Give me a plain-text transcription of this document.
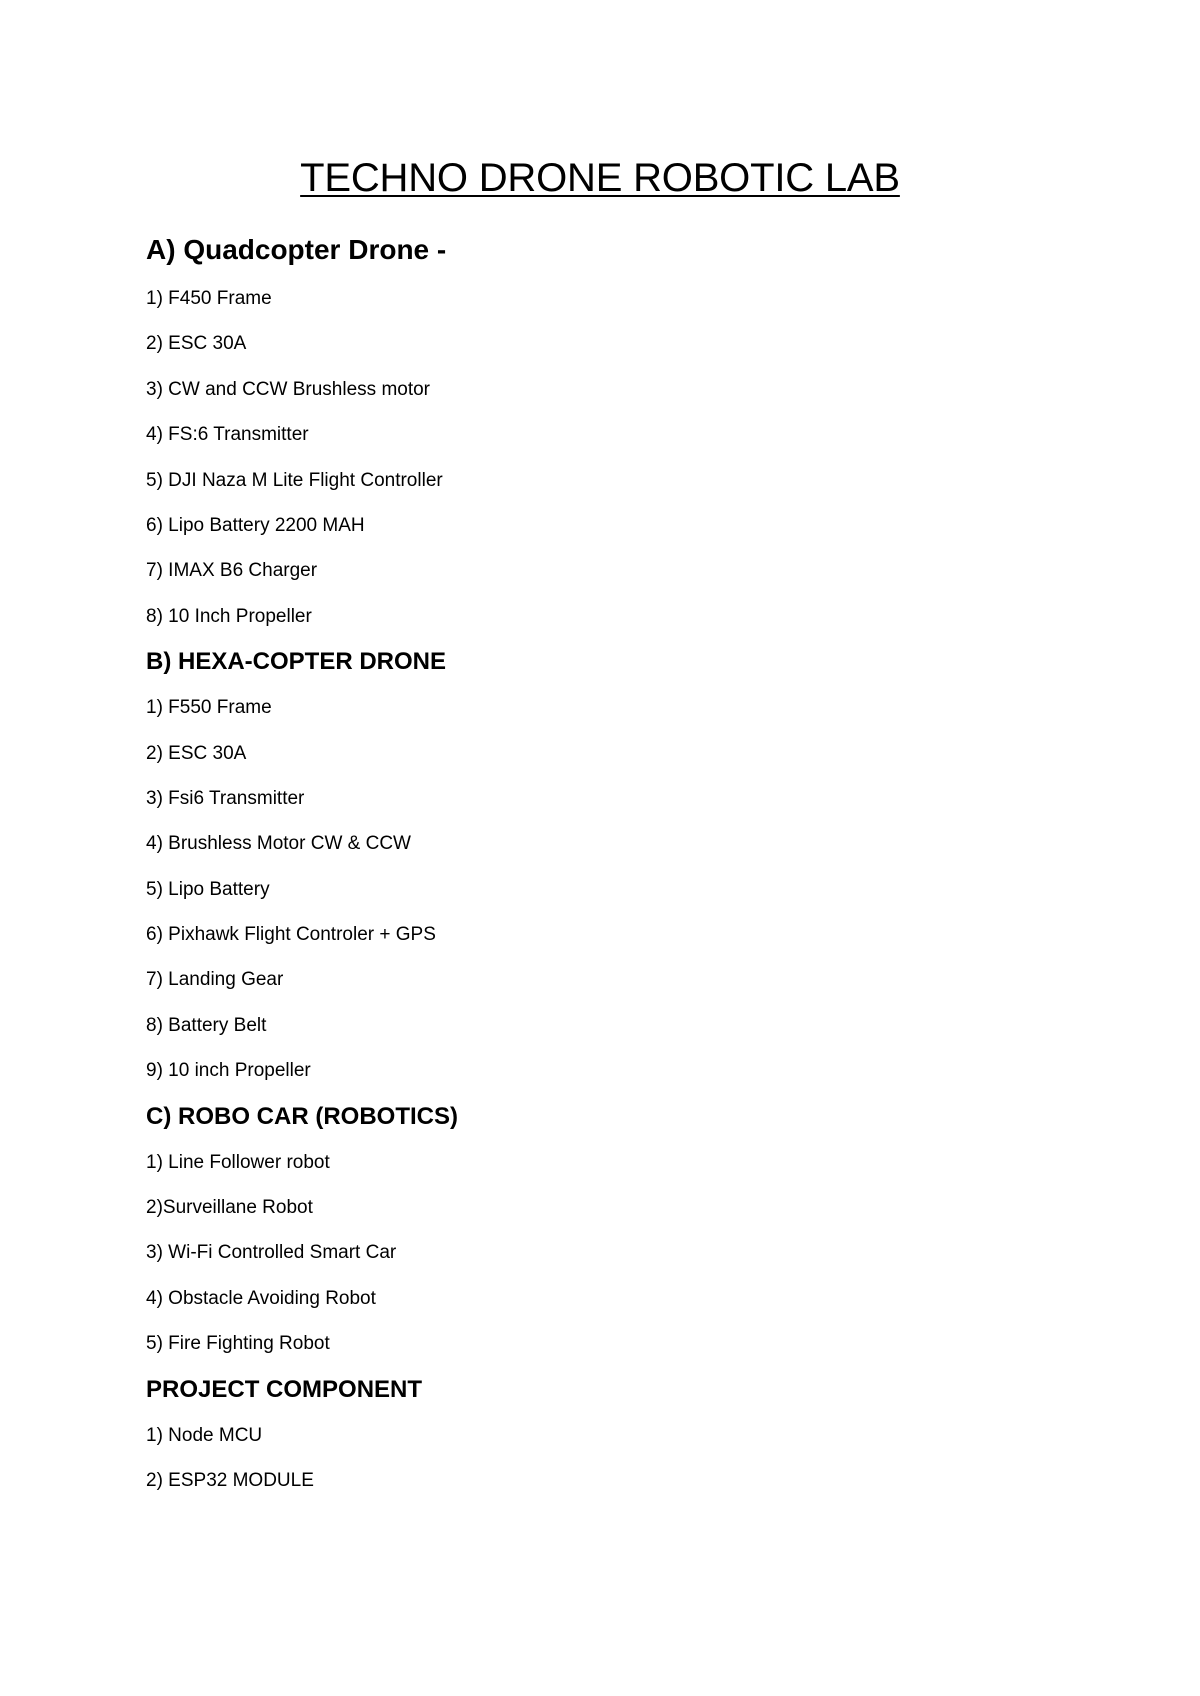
TECHNO DRONE ROBOTIC LAB

A) Quadcopter Drone -

1) F450 Frame

2) ESC 30A

3) CW and CCW Brushless motor

4) FS:6 Transmitter

5) DJI Naza M Lite Flight Controller

6) Lipo Battery 2200 MAH

7) IMAX B6 Charger

8) 10 Inch Propeller

B) HEXA-COPTER DRONE

1) F550 Frame

2) ESC 30A

3) Fsi6 Transmitter

4) Brushless Motor CW & CCW

5) Lipo Battery

6) Pixhawk Flight Controler + GPS

7) Landing Gear

8) Battery Belt

9) 10 inch Propeller

C) ROBO CAR (ROBOTICS)

1) Line Follower robot

2)Surveillane Robot

3) Wi-Fi Controlled Smart Car

4) Obstacle Avoiding Robot

5) Fire Fighting Robot

PROJECT COMPONENT

1) Node MCU

2) ESP32 MODULE
